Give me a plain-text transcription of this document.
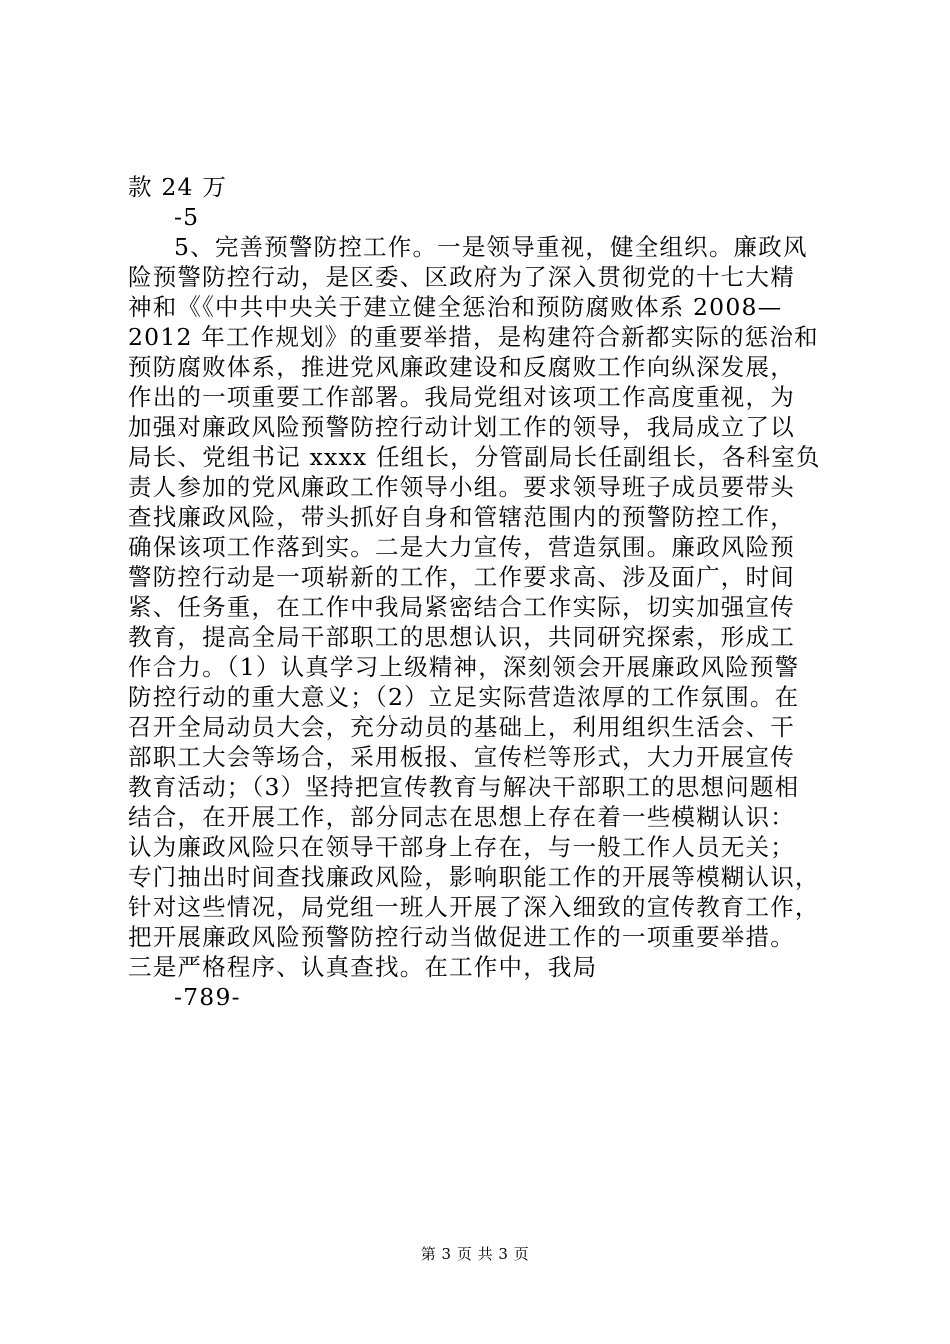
款 24 万
-5
5、完善预警防控工作。一是领导重视，健全组织。廉政风
险预警防控行动，是区委、区政府为了深入贯彻党的十七大精
神和《《中共中央关于建立健全惩治和预防腐败体系 2008—
2012 年工作规划》的重要举措，是构建符合新都实际的惩治和
预防腐败体系，推进党风廉政建设和反腐败工作向纵深发展，
作出的一项重要工作部署。我局党组对该项工作高度重视，为
加强对廉政风险预警防控行动计划工作的领导，我局成立了以
局长、党组书记 xxxx 任组长，分管副局长任副组长，各科室负
责人参加的党风廉政工作领导小组。要求领导班子成员要带头
查找廉政风险，带头抓好自身和管辖范围内的预警防控工作，
确保该项工作落到实。二是大力宣传，营造氛围。廉政风险预
警防控行动是一项崭新的工作，工作要求高、涉及面广，时间
紧、任务重，在工作中我局紧密结合工作实际，切实加强宣传
教育，提高全局干部职工的思想认识，共同研究探索，形成工
作合力。（1）认真学习上级精神，深刻领会开展廉政风险预警
防控行动的重大意义；（2）立足实际营造浓厚的工作氛围。在
召开全局动员大会，充分动员的基础上，利用组织生活会、干
部职工大会等场合，采用板报、宣传栏等形式，大力开展宣传
教育活动；（3）坚持把宣传教育与解决干部职工的思想问题相
结合，在开展工作，部分同志在思想上存在着一些模糊认识：
认为廉政风险只在领导干部身上存在，与一般工作人员无关；
专门抽出时间查找廉政风险，影响职能工作的开展等模糊认识，
针对这些情况，局党组一班人开展了深入细致的宣传教育工作，
把开展廉政风险预警防控行动当做促进工作的一项重要举措。
三是严格程序、认真查找。在工作中，我局
-789-
第 3 页 共 3 页
